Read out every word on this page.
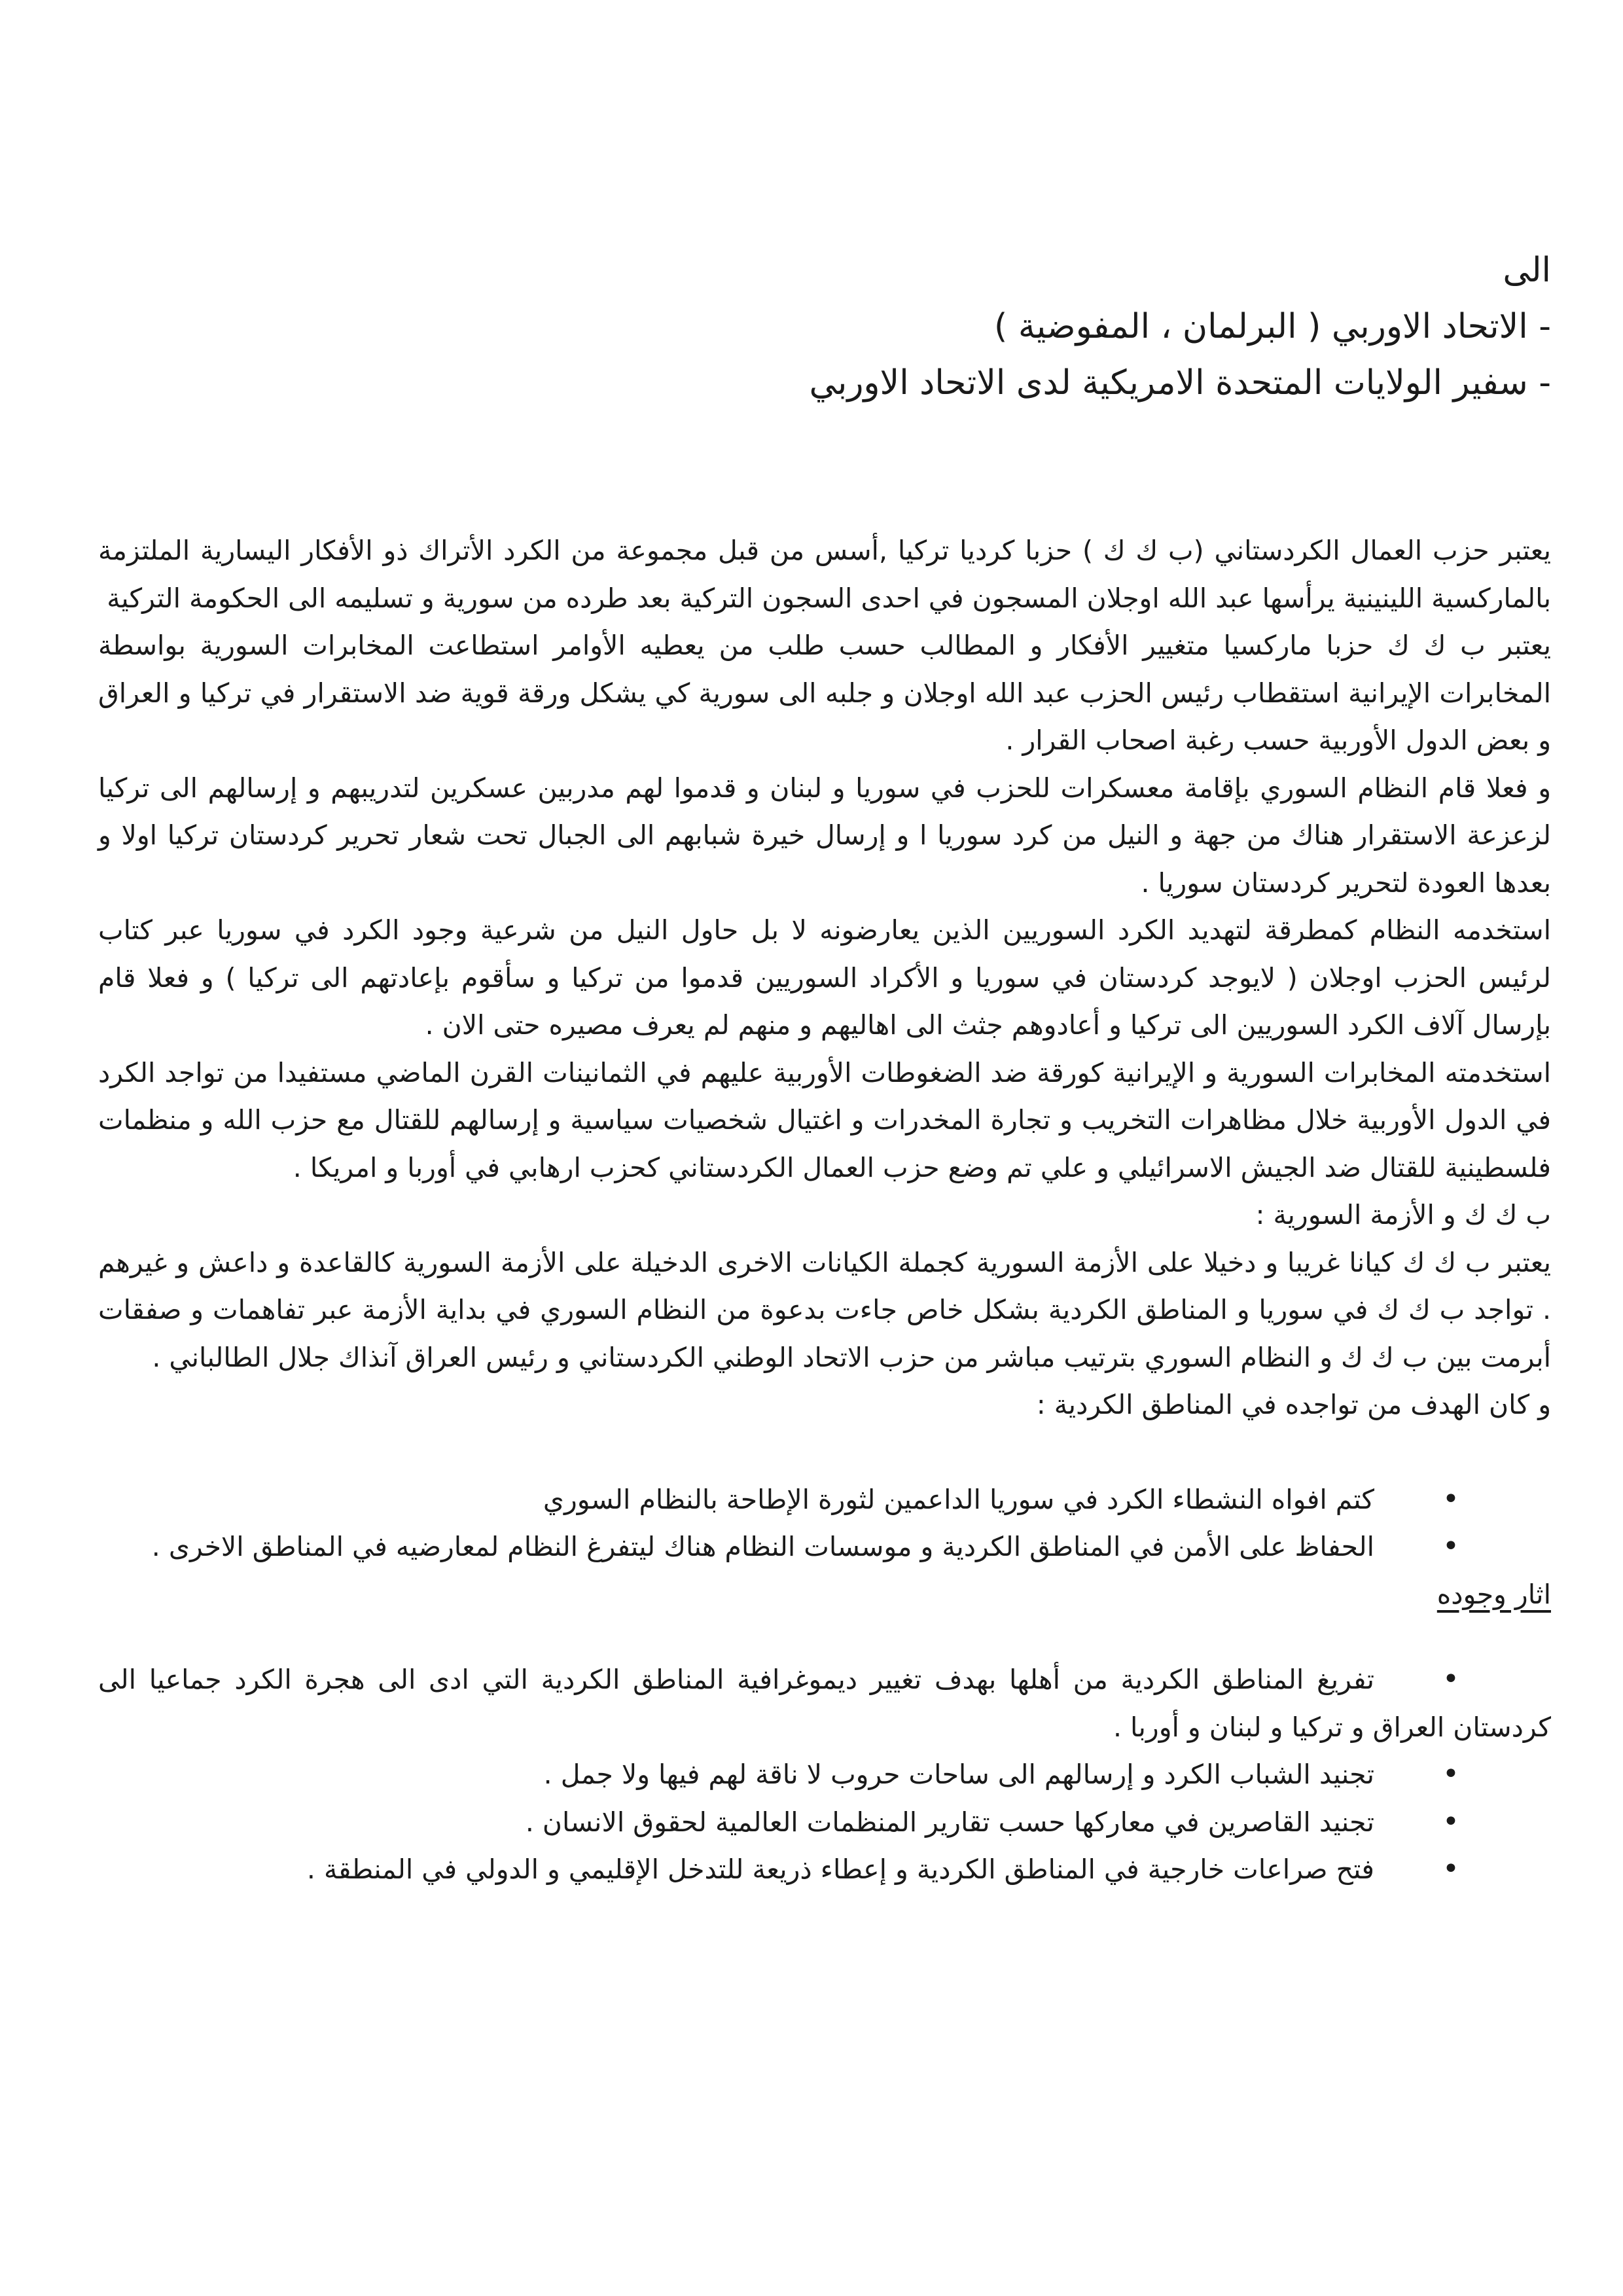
الى
- الاتحاد الاوربي ( البرلمان ، المفوضية )
- سفير الولايات المتحدة الامريكية لدى الاتحاد الاوربي
يعتبر حزب العمال الكردستاني (ب ك ك ) حزبا كرديا تركيا ,أسس من قبل مجموعة من الكرد الأتراك ذو الأفكار اليسارية الملتزمة بالماركسية اللينينية يرأسها عبد الله اوجلان المسجون في احدى السجون التركية بعد طرده من سورية و تسليمه الى الحكومة التركية
يعتبر ب ك ك حزبا ماركسيا متغيير الأفكار و المطالب حسب طلب من يعطيه الأوامر استطاعت المخابرات السورية بواسطة المخابرات الإيرانية استقطاب رئيس الحزب عبد الله اوجلان و جلبه الى سورية كي يشكل ورقة قوية ضد الاستقرار في تركيا و العراق و بعض الدول الأوربية حسب رغبة اصحاب القرار .
و فعلا قام النظام السوري بإقامة معسكرات للحزب في سوريا و لبنان و قدموا لهم مدربين عسكرين لتدريبهم و إرسالهم الى تركيا لزعزعة الاستقرار هناك من جهة و النيل من كرد سوريا ا و إرسال خيرة شبابهم الى الجبال تحت شعار تحرير كردستان تركيا اولا و بعدها العودة لتحرير كردستان سوريا .
استخدمه النظام كمطرقة لتهديد الكرد السوريين الذين يعارضونه لا بل حاول النيل من شرعية وجود الكرد في سوريا عبر كتاب لرئيس الحزب اوجلان ( لايوجد كردستان في سوريا و الأكراد السوريين قدموا من تركيا و سأقوم بإعادتهم الى تركيا ) و فعلا قام بإرسال آلاف الكرد السوريين الى تركيا و أعادوهم جثث الى اهاليهم و منهم لم يعرف مصيره حتى الان .
استخدمته المخابرات السورية و الإيرانية كورقة ضد الضغوطات الأوربية عليهم في الثمانينات القرن الماضي مستفيدا من تواجد الكرد في الدول الأوربية خلال مظاهرات التخريب و تجارة المخدرات و اغتيال شخصيات سياسية و إرسالهم للقتال مع حزب الله و منظمات فلسطينية للقتال ضد الجيش الاسرائيلي و علي تم وضع حزب العمال الكردستاني كحزب ارهابي في أوربا و امريكا .
ب ك ك و الأزمة السورية :
يعتبر ب ك ك كيانا غريبا و دخيلا على الأزمة السورية كجملة الكيانات الاخرى الدخيلة على الأزمة السورية كالقاعدة و داعش و غيرهم . تواجد ب ك ك في سوريا و المناطق الكردية بشكل خاص جاءت بدعوة من النظام السوري في بداية الأزمة عبر تفاهمات و صفقات أبرمت بين ب ك ك و النظام السوري بترتيب مباشر من حزب الاتحاد الوطني الكردستاني و رئيس العراق آنذاك جلال الطالباني .
و كان الهدف من تواجده في المناطق الكردية :
•
كتم افواه النشطاء الكرد في سوريا الداعمين لثورة الإطاحة بالنظام السوري
•
الحفاظ على الأمن في المناطق الكردية و موسسات النظام هناك ليتفرغ النظام لمعارضيه في المناطق الاخرى .
اثار وجوده
•
تفريغ المناطق الكردية من أهلها بهدف تغيير ديموغرافية المناطق الكردية التي ادى الى هجرة الكرد جماعيا الى كردستان العراق و تركيا و لبنان و أوربا .
•
تجنيد الشباب الكرد و إرسالهم الى ساحات حروب لا ناقة لهم فيها ولا جمل .
•
تجنيد القاصرين في معاركها حسب تقارير المنظمات العالمية لحقوق الانسان .
•
فتح صراعات خارجية في المناطق الكردية و إعطاء ذريعة للتدخل الإقليمي و الدولي في المنطقة .
